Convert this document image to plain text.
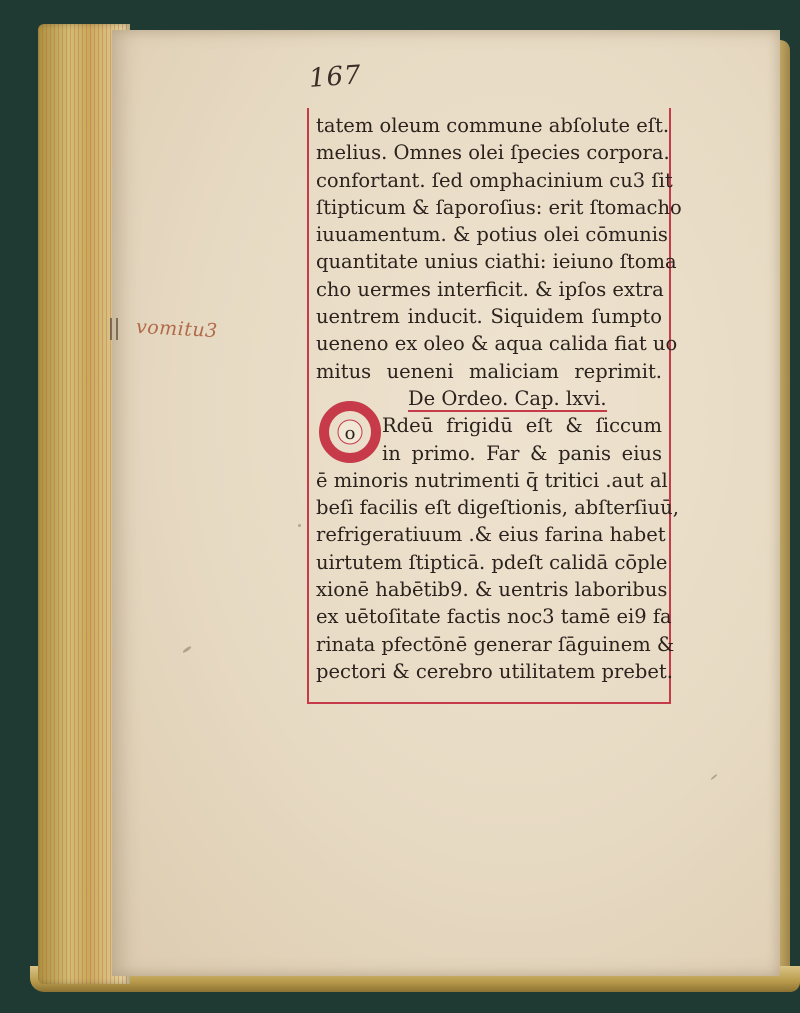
167
vomitu3
o
tatem oleum commune abſolute eſt.
melius. Omnes olei ſpecies corpora.
confortant. ſed omphacinium cu3 ſit
ſtipticum & ſaporoſius: erit ſtomacho
iuuamentum. & potius olei cōmunis
quantitate unius ciathi: ieiuno ſtoma
cho uermes interficit. & ipſos extra
uentrem inducit. Siquidem ſumpto
ueneno ex oleo & aqua calida fiat uo
mitus ueneni maliciam reprimit.
De Ordeo. Cap. lxvi.
Rdeū frigidū eſt & ſiccum
in primo. Far & panis eius
ē minoris nutrimenti q̄ tritici .aut al
beſi facilis eſt digeſtionis, abſterſiuū,
refrigeratiuum .& eius farina habet
uirtutem ſtipticā. pdeſt calidā cōple
xionē habētib9. & uentris laboribus
ex uētoſitate factis noc3 tamē ei9 fa
rinata pfectōnē generar ſāguinem &
pectori & cerebro utilitatem prebet.
